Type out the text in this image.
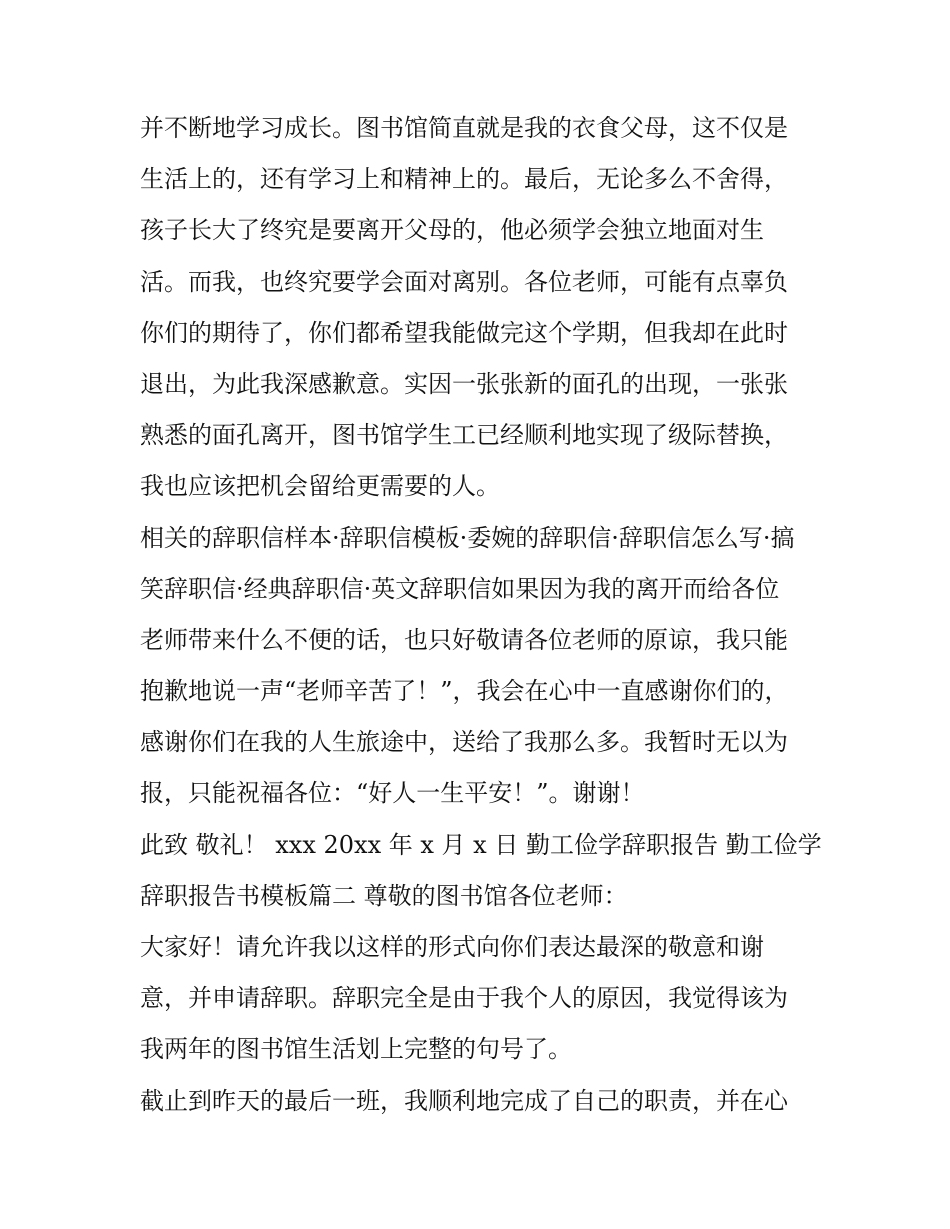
并不断地学习成长。图书馆简直就是我的衣食父母，这不仅是
生活上的，还有学习上和精神上的。最后，无论多么不舍得，
孩子长大了终究是要离开父母的，他必须学会独立地面对生
活。而我，也终究要学会面对离别。各位老师，可能有点辜负
你们的期待了，你们都希望我能做完这个学期，但我却在此时
退出，为此我深感歉意。实因一张张新的面孔的出现，一张张
熟悉的面孔离开，图书馆学生工已经顺利地实现了级际替换，
我也应该把机会留给更需要的人。
相关的辞职信样本·辞职信模板·委婉的辞职信·辞职信怎么写·搞
笑辞职信·经典辞职信·英文辞职信如果因为我的离开而给各位
老师带来什么不便的话，也只好敬请各位老师的原谅，我只能
抱歉地说一声“老师辛苦了！”，我会在心中一直感谢你们的，
感谢你们在我的人生旅途中，送给了我那么多。我暂时无以为
报，只能祝福各位：“好人一生平安！”。谢谢！
此致 敬礼！ xxx 20xx 年 x 月 x 日 勤工俭学辞职报告 勤工俭学
辞职报告书模板篇二 尊敬的图书馆各位老师：
大家好！请允许我以这样的形式向你们表达最深的敬意和谢
意，并申请辞职。辞职完全是由于我个人的原因，我觉得该为
我两年的图书馆生活划上完整的句号了。
截止到昨天的最后一班，我顺利地完成了自己的职责，并在心
